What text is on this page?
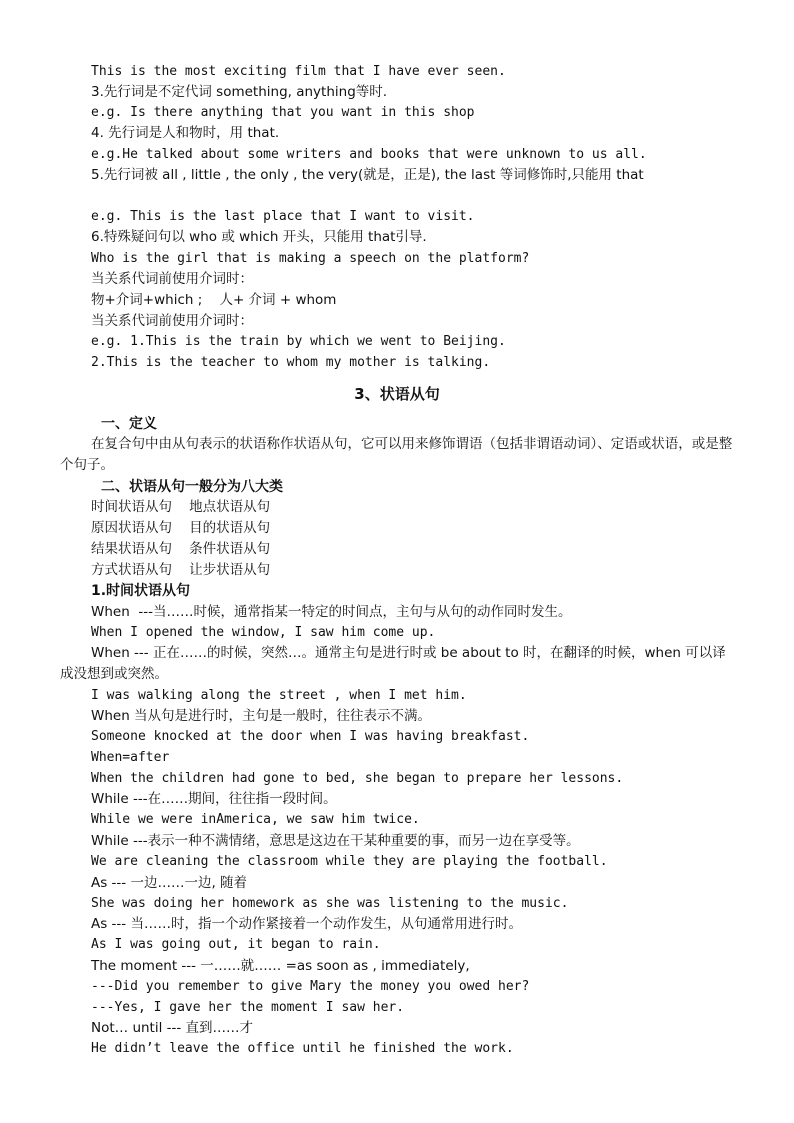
This is the most exciting film that I have ever seen.
3.先行词是不定代词 something, anything等时.
e.g. Is there anything that you want in this shop
4. 先行词是人和物时，用 that.
e.g.He talked about some writers and books that were unknown to us all.
5.先行词被 all , little , the only , the very(就是，正是), the last 等词修饰时,只能用 that
e.g. This is the last place that I want to visit.
6.特殊疑问句以 who 或 which 开头，只能用 that引导.
Who is the girl that is making a speech on the platform?
当关系代词前使用介词时：
物+介词+which ;    人+ 介词 + whom
当关系代词前使用介词时：
e.g. 1.This is the train by which we went to Beijing.
2.This is the teacher to whom my mother is talking.
3、状语从句
一、定义
在复合句中由从句表示的状语称作状语从句，它可以用来修饰谓语（包括非谓语动词）、定语或状语，或是整个句子。
二、状语从句一般分为八大类
时间状语从句    地点状语从句
原因状语从句    目的状语从句
结果状语从句    条件状语从句
方式状语从句    让步状语从句
1.时间状语从句
When  ---当……时候，通常指某一特定的时间点，主句与从句的动作同时发生。
When I opened the window, I saw him come up.
When --- 正在……的时候，突然…。通常主句是进行时或 be about to 时，在翻译的时候，when 可以译成没想到或突然。
I was walking along the street , when I met him.
When 当从句是进行时，主句是一般时，往往表示不满。
Someone knocked at the door when I was having breakfast.
When=after
When the children had gone to bed, she began to prepare her lessons.
While ---在……期间，往往指一段时间。
While we were inAmerica, we saw him twice.
While ---表示一种不满情绪，意思是这边在干某种重要的事，而另一边在享受等。
We are cleaning the classroom while they are playing the football.
As --- 一边……一边, 随着
She was doing her homework as she was listening to the music.
As --- 当……时，指一个动作紧接着一个动作发生，从句通常用进行时。
As I was going out, it began to rain.
The moment --- 一……就…… =as soon as , immediately,
---Did you remember to give Mary the money you owed her?
---Yes, I gave her the moment I saw her.
Not… until --- 直到……才
He didn’t leave the office until he finished the work.
